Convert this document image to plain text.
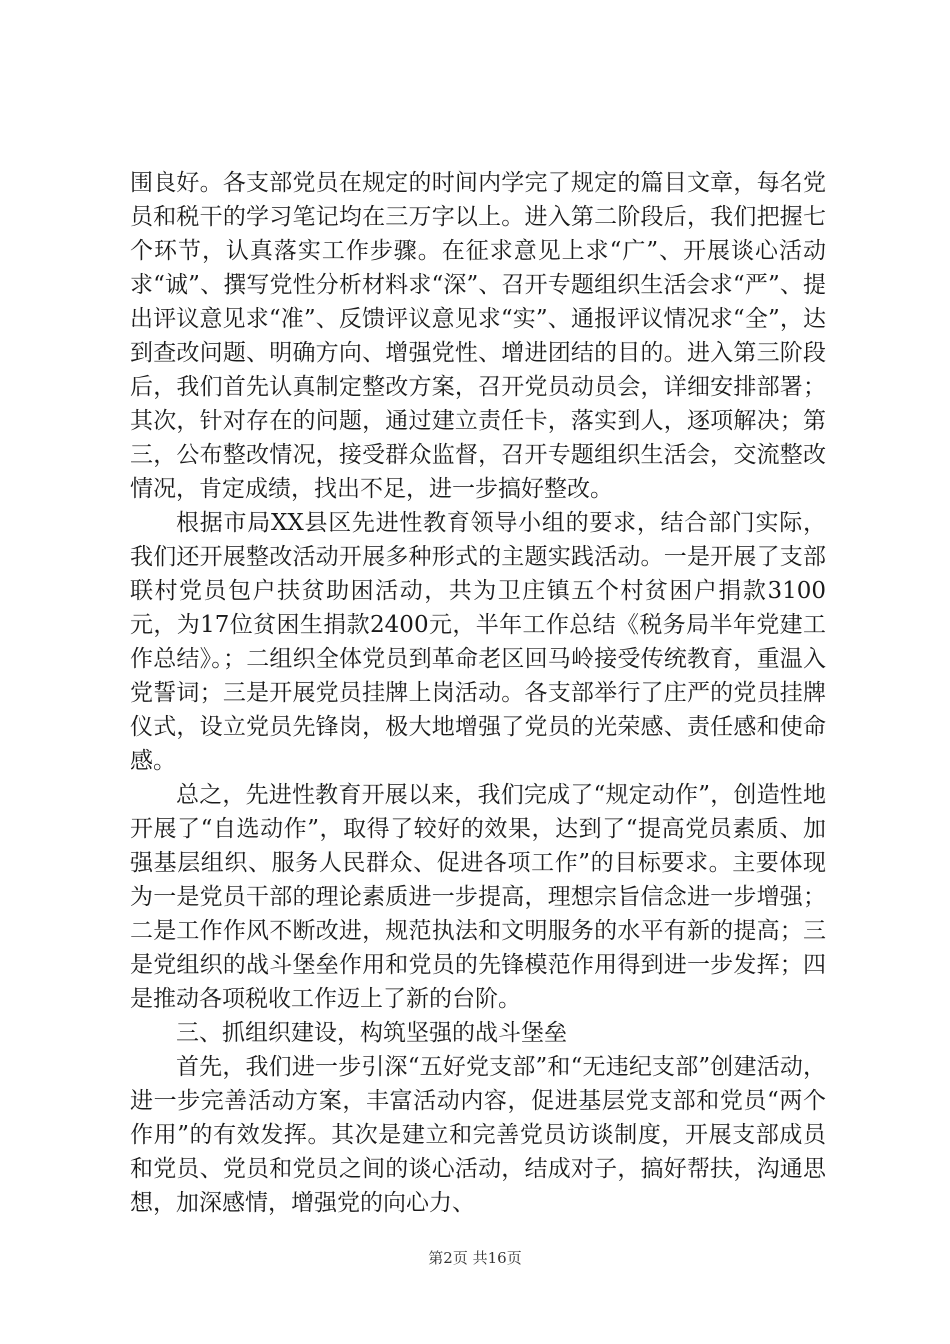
围良好。各支部党员在规定的时间内学完了规定的篇目文章，每名党员和税干的学习笔记均在三万字以上。进入第二阶段后，我们把握七个环节，认真落实工作步骤。在征求意见上求“广”、开展谈心活动求“诚”、撰写党性分析材料求“深”、召开专题组织生活会求“严”、提出评议意见求“准”、反馈评议意见求“实”、通报评议情况求“全”，达到查改问题、明确方向、增强党性、增进团结的目的。进入第三阶段后，我们首先认真制定整改方案，召开党员动员会，详细安排部署；其次，针对存在的问题，通过建立责任卡，落实到人，逐项解决；第三，公布整改情况，接受群众监督，召开专题组织生活会，交流整改情况，肯定成绩，找出不足，进一步搞好整改。

根据市局XX县区先进性教育领导小组的要求，结合部门实际，我们还开展整改活动开展多种形式的主题实践活动。一是开展了支部联村党员包户扶贫助困活动，共为卫庄镇五个村贫困户捐款3100元，为17位贫困生捐款2400元，半年工作总结《税务局半年党建工作总结》。；二组织全体党员到革命老区回马岭接受传统教育，重温入党誓词；三是开展党员挂牌上岗活动。各支部举行了庄严的党员挂牌仪式，设立党员先锋岗，极大地增强了党员的光荣感、责任感和使命感。

总之，先进性教育开展以来，我们完成了“规定动作”，创造性地开展了“自选动作”，取得了较好的效果，达到了“提高党员素质、加强基层组织、服务人民群众、促进各项工作”的目标要求。主要体现为一是党员干部的理论素质进一步提高，理想宗旨信念进一步增强；二是工作作风不断改进，规范执法和文明服务的水平有新的提高；三是党组织的战斗堡垒作用和党员的先锋模范作用得到进一步发挥；四是推动各项税收工作迈上了新的台阶。

三、抓组织建设，构筑坚强的战斗堡垒

首先，我们进一步引深“五好党支部”和“无违纪支部”创建活动，进一步完善活动方案，丰富活动内容，促进基层党支部和党员“两个作用”的有效发挥。其次是建立和完善党员访谈制度，开展支部成员和党员、党员和党员之间的谈心活动，结成对子，搞好帮扶，沟通思想，加深感情，增强党的向心力、

第2页 共16页
